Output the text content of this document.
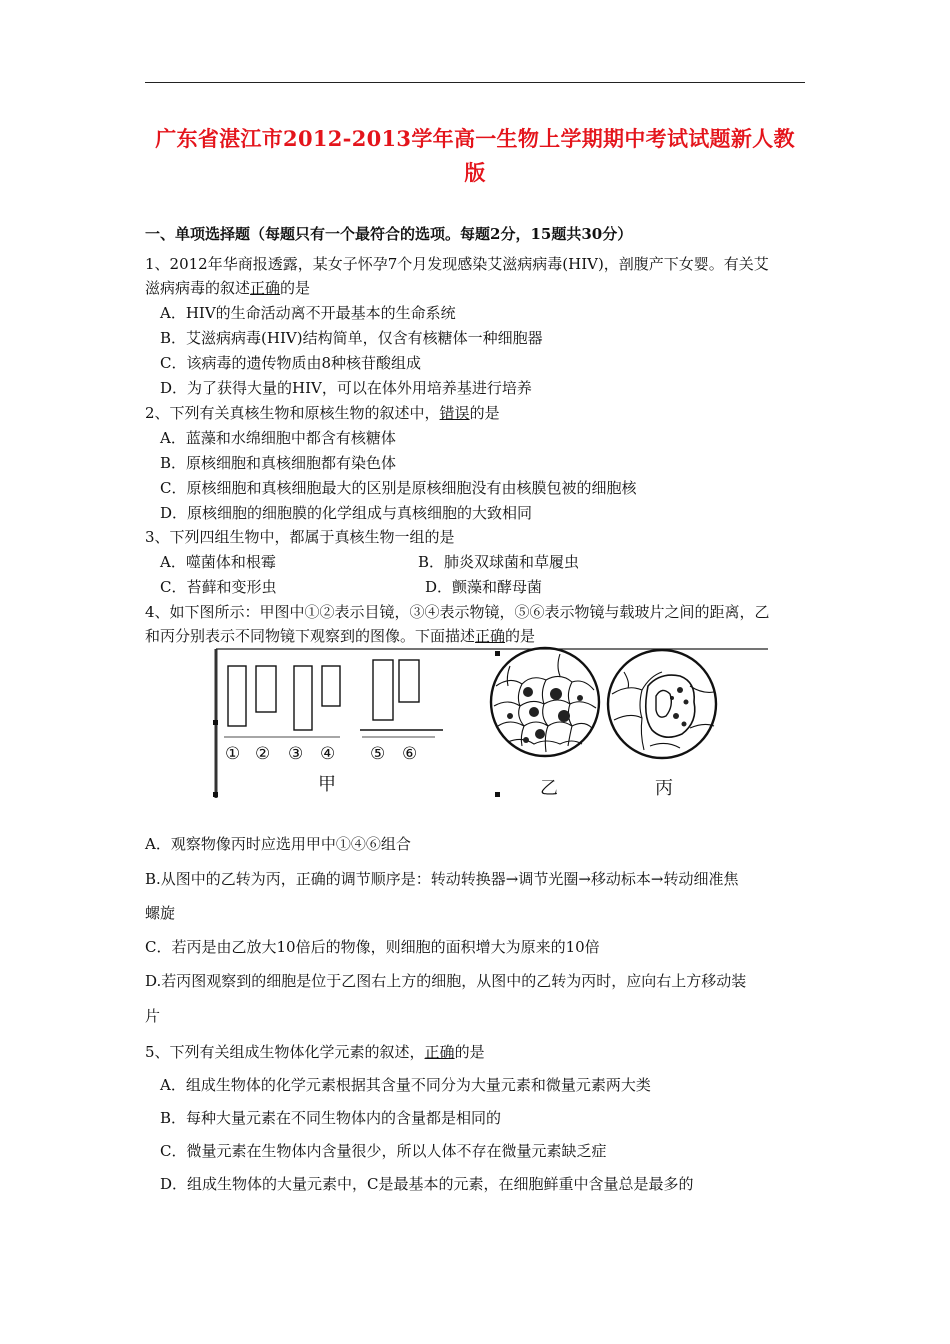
广东省湛江市2012-2013学年高一生物上学期期中考试试题新人教
版
一、单项选择题（每题只有一个最符合的选项。每题2分，15题共30分）
1、2012年华商报透露，某女子怀孕7个月发现感染艾滋病病毒(HIV)，剖腹产下女婴。有关艾
滋病病毒的叙述正确的是
A．HIV的生命活动离不开最基本的生命系统
B．艾滋病病毒(HIV)结构简单，仅含有核糖体一种细胞器
C．该病毒的遗传物质由8种核苷酸组成
D．为了获得大量的HIV，可以在体外用培养基进行培养
2、下列有关真核生物和原核生物的叙述中，错误的是
A．蓝藻和水绵细胞中都含有核糖体
B．原核细胞和真核细胞都有染色体
C．原核细胞和真核细胞最大的区别是原核细胞没有由核膜包被的细胞核
D．原核细胞的细胞膜的化学组成与真核细胞的大致相同
3、下列四组生物中，都属于真核生物一组的是
A．噬菌体和根霉	B．肺炎双球菌和草履虫
C．苔藓和变形虫	D．颤藻和酵母菌
4、如下图所示：甲图中①②表示目镜，③④表示物镜，⑤⑥表示物镜与载玻片之间的距离，乙
和丙分别表示不同物镜下观察到的图像。下面描述正确的是
① ② ③ ④ ⑤ ⑥
甲	乙	丙
A．观察物像丙时应选用甲中①④⑥组合
B.从图中的乙转为丙，正确的调节顺序是：转动转换器→调节光圈→移动标本→转动细准焦
螺旋
C．若丙是由乙放大10倍后的物像，则细胞的面积增大为原来的10倍
D.若丙图观察到的细胞是位于乙图右上方的细胞，从图中的乙转为丙时，应向右上方移动装
片
5、下列有关组成生物体化学元素的叙述，正确的是
A．组成生物体的化学元素根据其含量不同分为大量元素和微量元素两大类
B．每种大量元素在不同生物体内的含量都是相同的
C．微量元素在生物体内含量很少，所以人体不存在微量元素缺乏症
D．组成生物体的大量元素中，C是最基本的元素，在细胞鲜重中含量总是最多的
